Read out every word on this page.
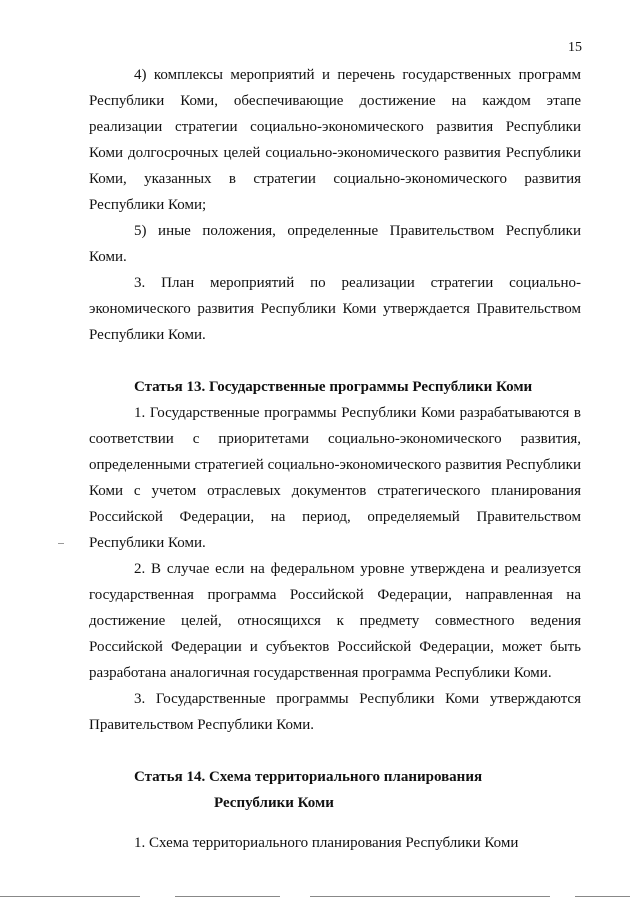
15

4) комплексы мероприятий и перечень государственных программ Республики Коми, обеспечивающие достижение на каждом этапе реализации стратегии социально-экономического развития Республики Коми долгосрочных целей социально-экономического развития Республики Коми, указанных в стратегии социально-экономического развития Республики Коми;

5) иные положения, определенные Правительством Республики Коми.

3. План мероприятий по реализации стратегии социально-экономического развития Республики Коми утверждается Правительством Республики Коми.

Статья 13. Государственные программы Республики Коми

1. Государственные программы Республики Коми разрабатываются в соответствии с приоритетами социально-экономического развития, определенными стратегией социально-экономического развития Республики Коми с учетом отраслевых документов стратегического планирования Российской Федерации, на период, определяемый Правительством Республики Коми.

2. В случае если на федеральном уровне утверждена и реализуется государственная программа Российской Федерации, направленная на достижение целей, относящихся к предмету совместного ведения Российской Федерации и субъектов Российской Федерации, может быть разработана аналогичная государственная программа Республики Коми.

3. Государственные программы Республики Коми утверждаются Правительством Республики Коми.

Статья 14. Схема территориального планирования
Республики Коми

1. Схема территориального планирования Республики Коми
